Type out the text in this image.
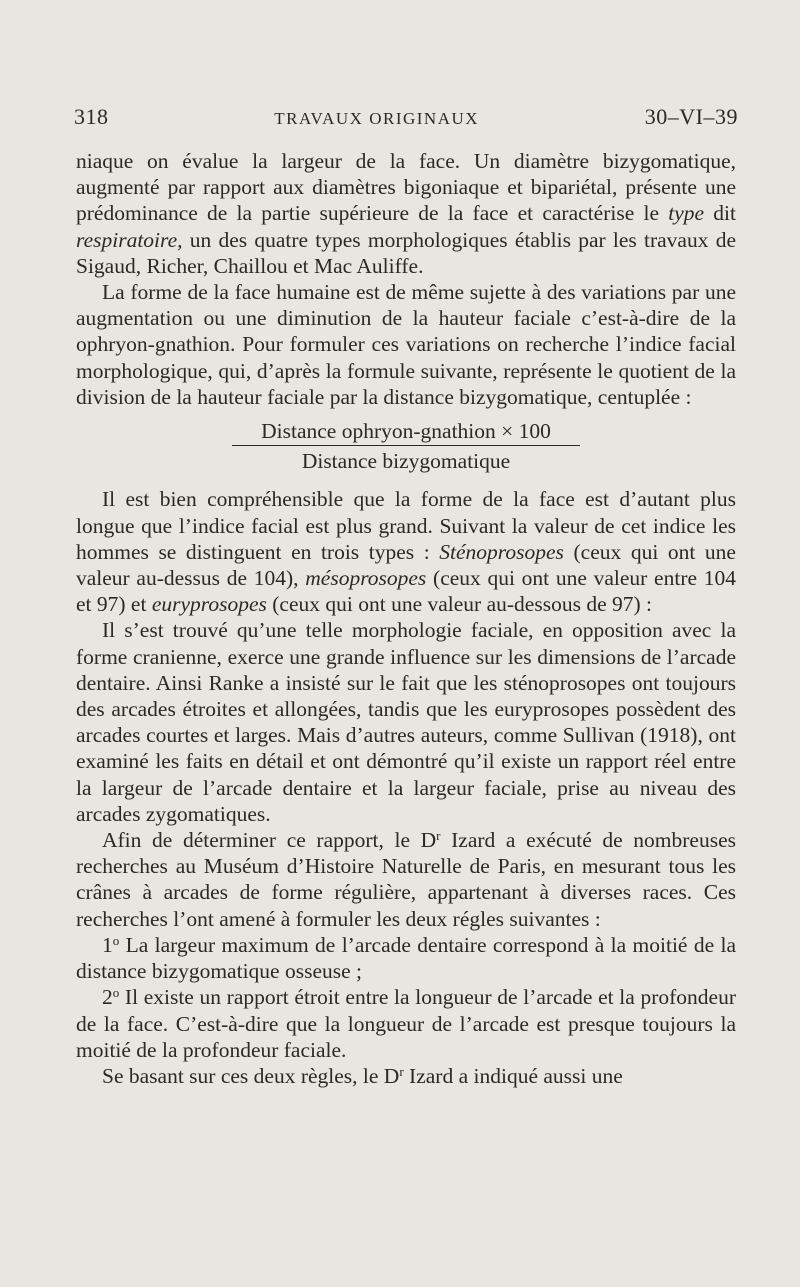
318	TRAVAUX ORIGINAUX	30–VI–39

niaque on évalue la largeur de la face. Un diamètre bizygomatique, augmenté par rapport aux diamètres bigoniaque et bipariétal, présente une prédominance de la partie supérieure de la face et caractérise le type dit respiratoire, un des quatre types morphologiques établis par les travaux de Sigaud, Richer, Chaillou et Mac Auliffe.

La forme de la face humaine est de même sujette à des variations par une augmentation ou une diminution de la hauteur faciale c’est-à-dire de la ophryon-gnathion. Pour formuler ces variations on recherche l’indice facial morphologique, qui, d’après la formule suivante, représente le quotient de la division de la hauteur faciale par la distance bizygomatique, centuplée :

Distance ophryon-gnathion × 100
Distance bizygomatique

Il est bien compréhensible que la forme de la face est d’autant plus longue que l’indice facial est plus grand. Suivant la valeur de cet indice les hommes se distinguent en trois types : Sténoprosopes (ceux qui ont une valeur au-dessus de 104), mésoprosopes (ceux qui ont une valeur entre 104 et 97) et euryprosopes (ceux qui ont une valeur au-dessous de 97) :

Il s’est trouvé qu’une telle morphologie faciale, en opposition avec la forme cranienne, exerce une grande influence sur les dimensions de l’arcade dentaire. Ainsi Ranke a insisté sur le fait que les sténoprosopes ont toujours des arcades étroites et allongées, tandis que les euryprosopes possèdent des arcades courtes et larges. Mais d’autres auteurs, comme Sullivan (1918), ont examiné les faits en détail et ont démontré qu’il existe un rapport réel entre la largeur de l’arcade dentaire et la largeur faciale, prise au niveau des arcades zygomatiques.

Afin de déterminer ce rapport, le $D^r$ Izard a exécuté de nombreuses recherches au Muséum d’Histoire Naturelle de Paris, en mesurant tous les crânes à arcades de forme régulière, appartenant à diverses races. Ces recherches l’ont amené à formuler les deux régles suivantes :

1$^o$ La largeur maximum de l’arcade dentaire correspond à la moitié de la distance bizygomatique osseuse ;

2$^o$ Il existe un rapport étroit entre la longueur de l’arcade et la profondeur de la face. C’est-à-dire que la longueur de l’arcade est presque toujours la moitié de la profondeur faciale.

Se basant sur ces deux règles, le $D^r$ Izard a indiqué aussi une
